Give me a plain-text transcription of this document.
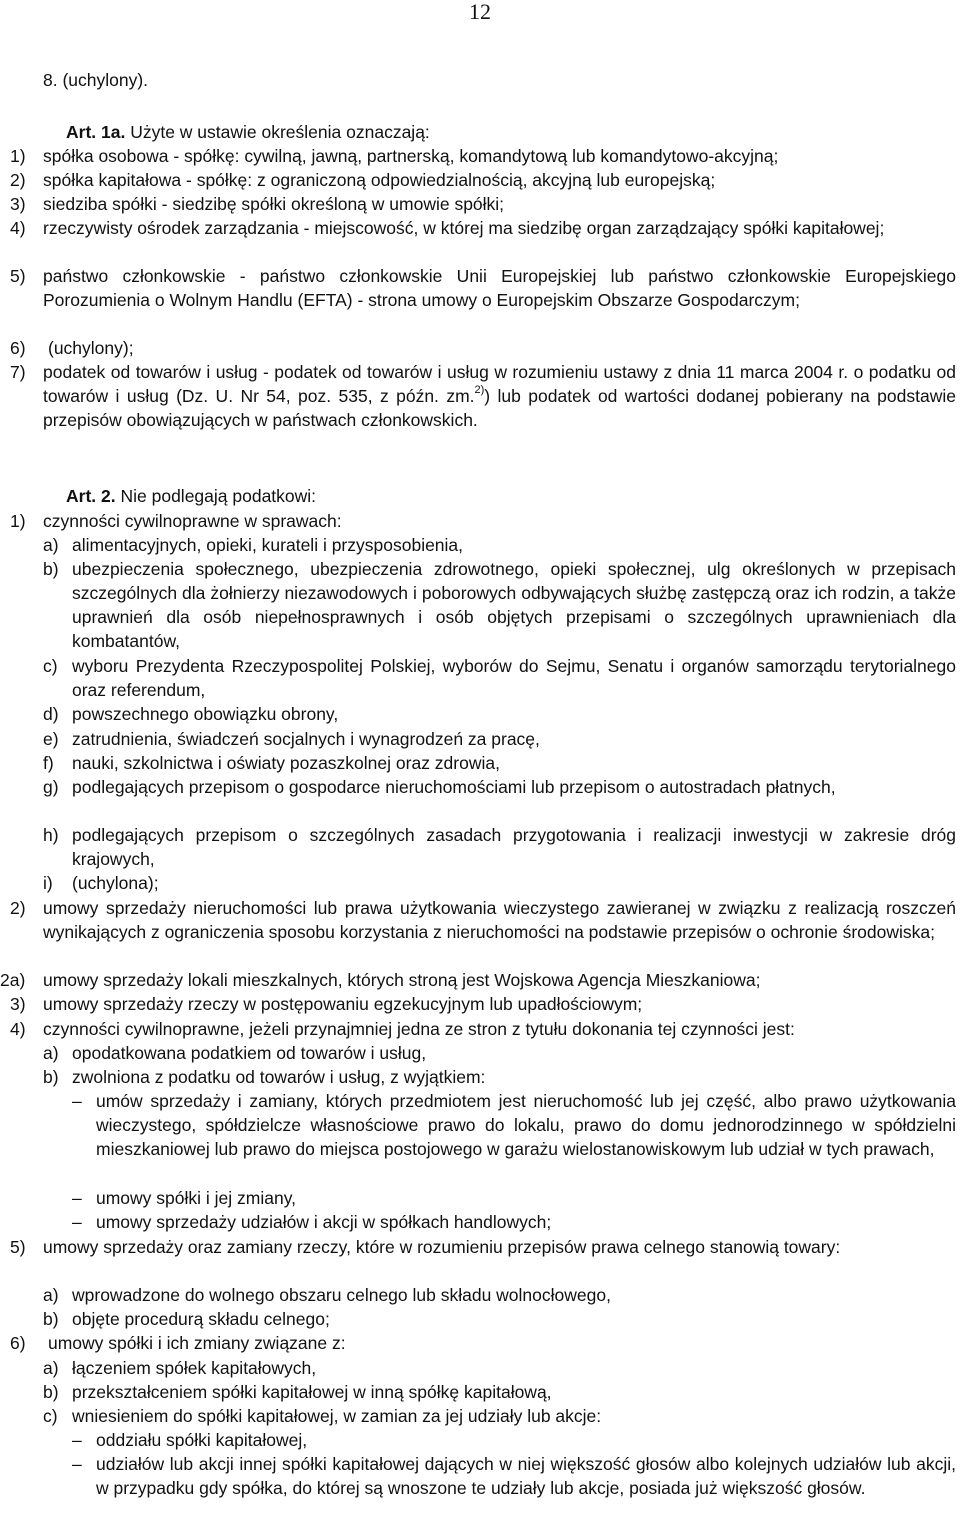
12
8. (uchylony).
Art. 1a. Użyte w ustawie określenia oznaczają:
1) spółka osobowa - spółkę: cywilną, jawną, partnerską, komandytową lub komandytowo-akcyjną;
2) spółka kapitałowa - spółkę: z ograniczoną odpowiedzialnością, akcyjną lub europejską;
3) siedziba spółki - siedzibę spółki określoną w umowie spółki;
4) rzeczywisty ośrodek zarządzania - miejscowość, w której ma siedzibę organ zarządzający spółki kapitałowej;
5) państwo członkowskie - państwo członkowskie Unii Europejskiej lub państwo członkowskie Europejskiego Porozumienia o Wolnym Handlu (EFTA) - strona umowy o Europejskim Obszarze Gospodarczym;
6) (uchylony);
7) podatek od towarów i usług - podatek od towarów i usług w rozumieniu ustawy z dnia 11 marca 2004 r. o podatku od towarów i usług (Dz. U. Nr 54, poz. 535, z późn. zm.$^{2)}$) lub podatek od wartości dodanej pobierany na podstawie przepisów obowiązujących w państwach członkowskich.
Art. 2. Nie podlegają podatkowi:
1) czynności cywilnoprawne w sprawach:
a) alimentacyjnych, opieki, kurateli i przysposobienia,
b) ubezpieczenia społecznego, ubezpieczenia zdrowotnego, opieki społecznej, ulg określonych w przepisach szczególnych dla żołnierzy niezawodowych i poborowych odbywających służbę zastępczą oraz ich rodzin, a także uprawnień dla osób niepełnosprawnych i osób objętych przepisami o szczególnych uprawnieniach dla kombatantów,
c) wyboru Prezydenta Rzeczypospolitej Polskiej, wyborów do Sejmu, Senatu i organów samorządu terytorialnego oraz referendum,
d) powszechnego obowiązku obrony,
e) zatrudnienia, świadczeń socjalnych i wynagrodzeń za pracę,
f) nauki, szkolnictwa i oświaty pozaszkolnej oraz zdrowia,
g) podlegających przepisom o gospodarce nieruchomościami lub przepisom o autostradach płatnych,
h) podlegających przepisom o szczególnych zasadach przygotowania i realizacji inwestycji w zakresie dróg krajowych,
i) (uchylona);
2) umowy sprzedaży nieruchomości lub prawa użytkowania wieczystego zawieranej w związku z realizacją roszczeń wynikających z ograniczenia sposobu korzystania z nieruchomości na podstawie przepisów o ochronie środowiska;
2a) umowy sprzedaży lokali mieszkalnych, których stroną jest Wojskowa Agencja Mieszkaniowa;
3) umowy sprzedaży rzeczy w postępowaniu egzekucyjnym lub upadłościowym;
4) czynności cywilnoprawne, jeżeli przynajmniej jedna ze stron z tytułu dokonania tej czynności jest:
a) opodatkowana podatkiem od towarów i usług,
b) zwolniona z podatku od towarów i usług, z wyjątkiem:
– umów sprzedaży i zamiany, których przedmiotem jest nieruchomość lub jej część, albo prawo użytkowania wieczystego, spółdzielcze własnościowe prawo do lokalu, prawo do domu jednorodzinnego w spółdzielni mieszkaniowej lub prawo do miejsca postojowego w garażu wielostanowiskowym lub udział w tych prawach,
– umowy spółki i jej zmiany,
– umowy sprzedaży udziałów i akcji w spółkach handlowych;
5) umowy sprzedaży oraz zamiany rzeczy, które w rozumieniu przepisów prawa celnego stanowią towary:
a) wprowadzone do wolnego obszaru celnego lub składu wolnocłowego,
b) objęte procedurą składu celnego;
6) umowy spółki i ich zmiany związane z:
a) łączeniem spółek kapitałowych,
b) przekształceniem spółki kapitałowej w inną spółkę kapitałową,
c) wniesieniem do spółki kapitałowej, w zamian za jej udziały lub akcje:
– oddziału spółki kapitałowej,
– udziałów lub akcji innej spółki kapitałowej dających w niej większość głosów albo kolejnych udziałów lub akcji, w przypadku gdy spółka, do której są wnoszone te udziały lub akcje, posiada już większość głosów.
